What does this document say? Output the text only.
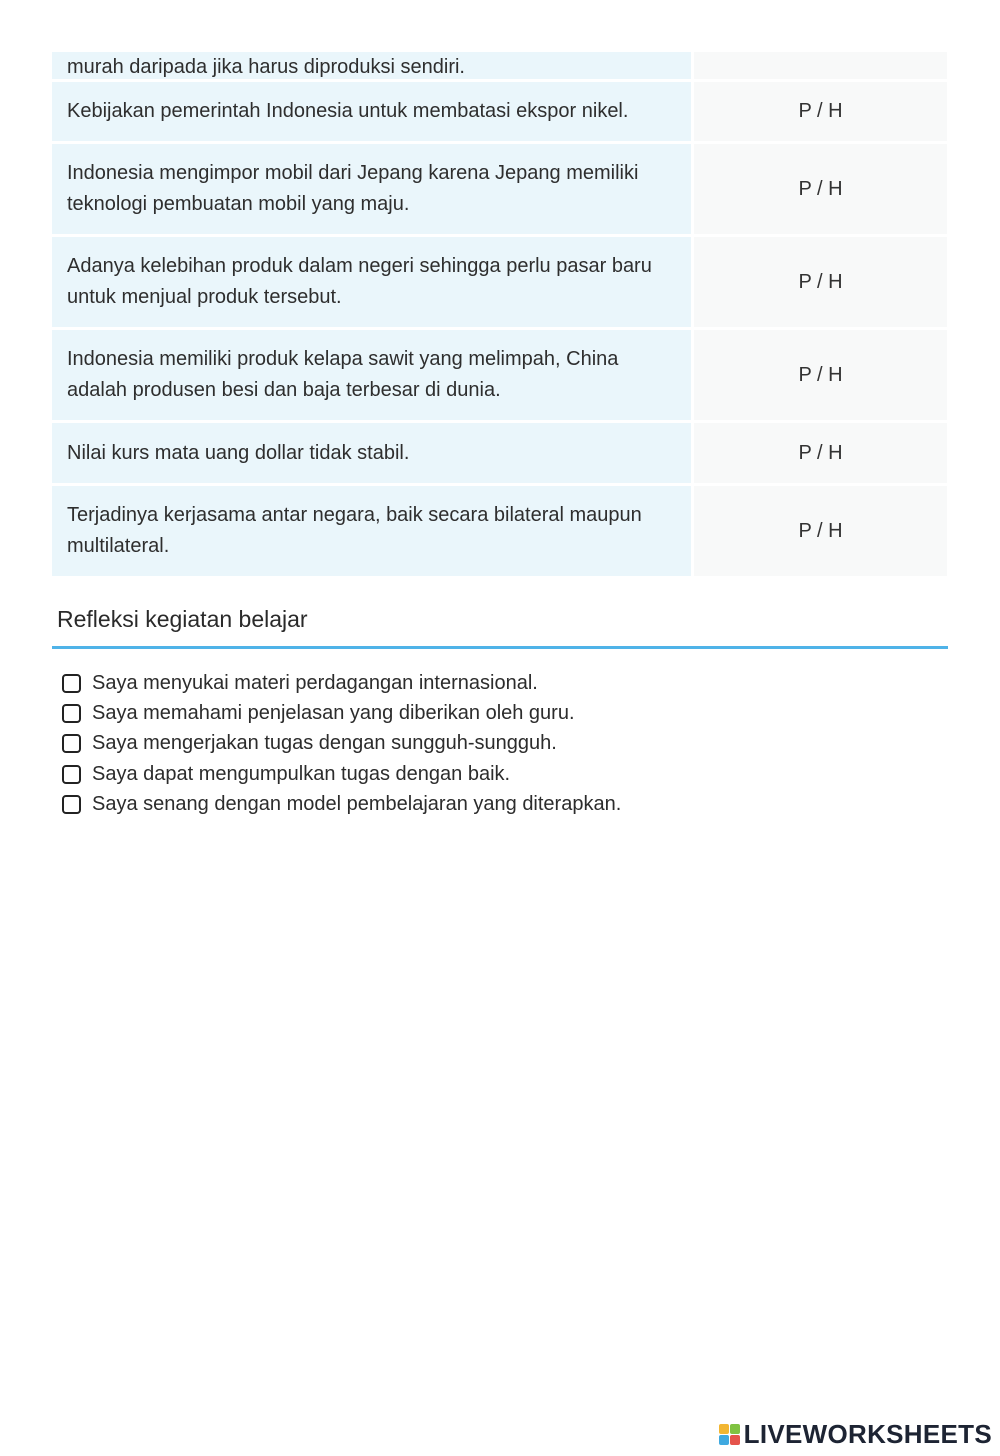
murah daripada jika harus diproduksi sendiri.
Kebijakan pemerintah Indonesia untuk membatasi ekspor nikel.	P / H
Indonesia mengimpor mobil dari Jepang karena Jepang memiliki teknologi pembuatan mobil yang maju.
P / H
Adanya kelebihan produk dalam negeri sehingga perlu pasar baru untuk menjual produk tersebut.
P / H
Indonesia memiliki produk kelapa sawit yang melimpah, China adalah produsen besi dan baja terbesar di dunia.
P / H
Nilai kurs mata uang dollar tidak stabil.	P / H
Terjadinya kerjasama antar negara, baik secara bilateral maupun multilateral.
P / H
Refleksi kegiatan belajar
Saya menyukai materi perdagangan internasional.
Saya memahami penjelasan yang diberikan oleh guru.
Saya mengerjakan tugas dengan sungguh-sungguh.
Saya dapat mengumpulkan tugas dengan baik.
Saya senang dengan model pembelajaran yang diterapkan.
LIVEWORKSHEETS
